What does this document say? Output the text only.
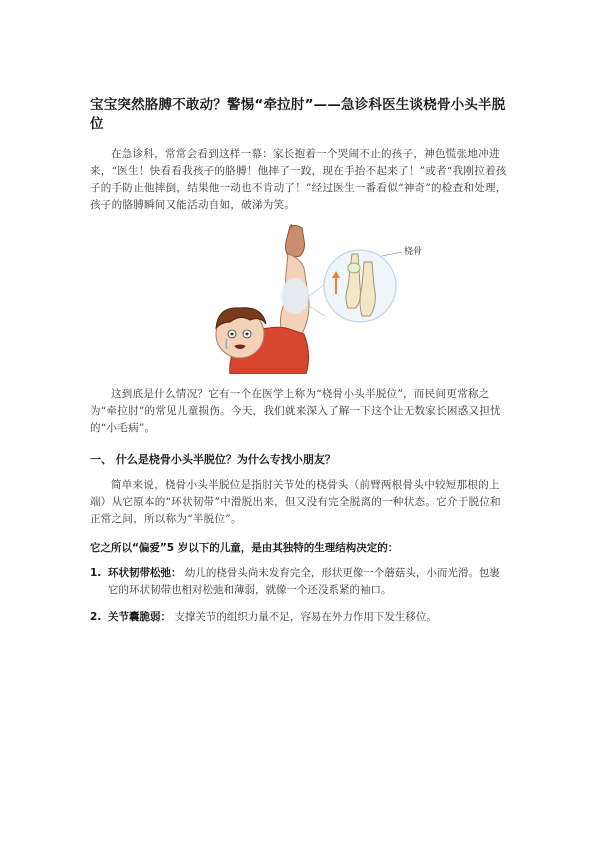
宝宝突然胳膊不敢动？警惕“牵拉肘”——急诊科医生谈桡骨小头半脱位

在急诊科，常常会看到这样一幕：家长抱着一个哭闹不止的孩子，神色慌张地冲进来，“医生！快看看我孩子的胳膊！他摔了一跤，现在手抬不起来了！”或者“我刚拉着孩子的手防止他摔倒，结果他一动也不肯动了！”经过医生一番看似“神奇”的检查和处理，孩子的胳膊瞬间又能活动自如，破涕为笑。

桡骨

这到底是什么情况？它有一个在医学上称为“桡骨小头半脱位”，而民间更常称之为“牵拉肘”的常见儿童损伤。今天，我们就来深入了解一下这个让无数家长困惑又担忧的“小毛病”。

一、 什么是桡骨小头半脱位？为什么专找小朋友？

简单来说，桡骨小头半脱位是指肘关节处的桡骨头（前臂两根骨头中较短那根的上端）从它原本的“环状韧带”中滑脱出来，但又没有完全脱离的一种状态。它介于脱位和正常之间，所以称为“半脱位”。

它之所以“偏爱”5 岁以下的儿童，是由其独特的生理结构决定的：
1. 环状韧带松弛： 幼儿的桡骨头尚未发育完全，形状更像一个蘑菇头，小而光滑。包裹它的环状韧带也相对松弛和薄弱，就像一个还没系紧的袖口。
2. 关节囊脆弱： 支撑关节的组织力量不足，容易在外力作用下发生移位。
